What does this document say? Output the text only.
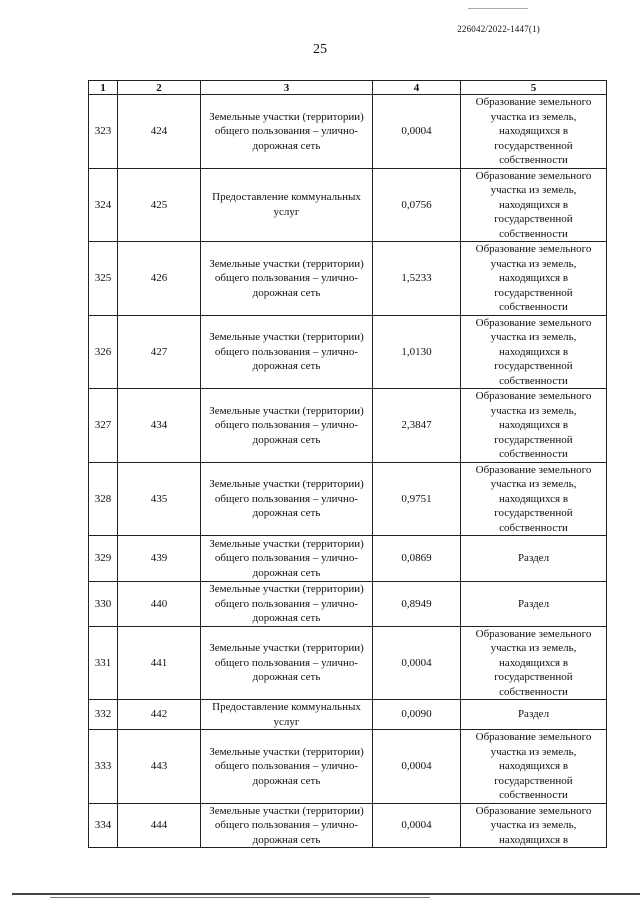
226042/2022-1447(1)
25
1	2	3	4	5
323	424	Земельные участки (территории) общего пользования – улично-дорожная сеть	0,0004	Образование земельного участка из земель, находящихся в государственной собственности
324	425	Предоставление коммунальных услуг	0,0756	Образование земельного участка из земель, находящихся в государственной собственности
325	426	Земельные участки (территории) общего пользования – улично-дорожная сеть	1,5233	Образование земельного участка из земель, находящихся в государственной собственности
326	427	Земельные участки (территории) общего пользования – улично-дорожная сеть	1,0130	Образование земельного участка из земель, находящихся в государственной собственности
327	434	Земельные участки (территории) общего пользования – улично-дорожная сеть	2,3847	Образование земельного участка из земель, находящихся в государственной собственности
328	435	Земельные участки (территории) общего пользования – улично-дорожная сеть	0,9751	Образование земельного участка из земель, находящихся в государственной собственности
329	439	Земельные участки (территории) общего пользования – улично-дорожная сеть	0,0869	Раздел
330	440	Земельные участки (территории) общего пользования – улично-дорожная сеть	0,8949	Раздел
331	441	Земельные участки (территории) общего пользования – улично-дорожная сеть	0,0004	Образование земельного участка из земель, находящихся в государственной собственности
332	442	Предоставление коммунальных услуг	0,0090	Раздел
333	443	Земельные участки (территории) общего пользования – улично-дорожная сеть	0,0004	Образование земельного участка из земель, находящихся в государственной собственности
334	444	Земельные участки (территории) общего пользования – улично-дорожная сеть	0,0004	Образование земельного участка из земель, находящихся в
